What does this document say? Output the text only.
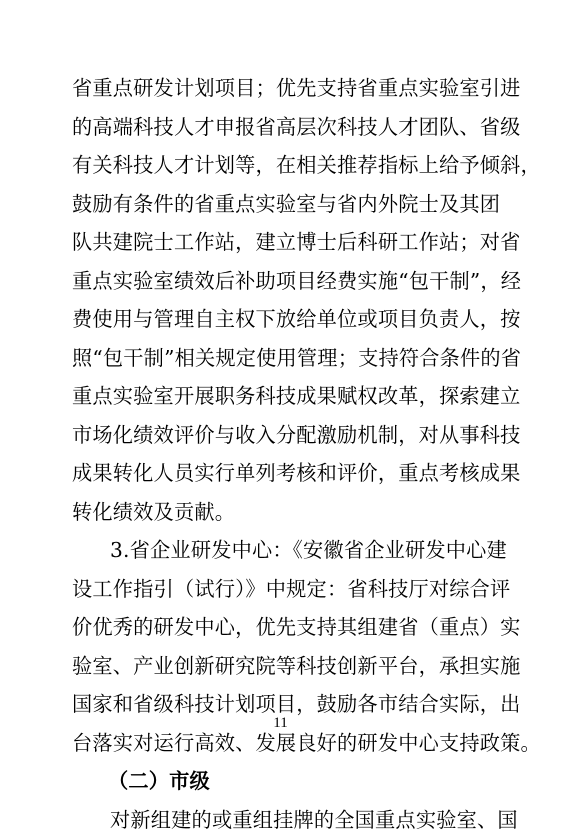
省重点研发计划项目；优先支持省重点实验室引进
的高端科技人才申报省高层次科技人才团队、省级
有关科技人才计划等，在相关推荐指标上给予倾斜，
鼓励有条件的省重点实验室与省内外院士及其团
队共建院士工作站，建立博士后科研工作站；对省
重点实验室绩效后补助项目经费实施“包干制”，经
费使用与管理自主权下放给单位或项目负责人，按
照“包干制”相关规定使用管理；支持符合条件的省
重点实验室开展职务科技成果赋权改革，探索建立
市场化绩效评价与收入分配激励机制，对从事科技
成果转化人员实行单列考核和评价，重点考核成果
转化绩效及贡献。
3.省企业研发中心：《安徽省企业研发中心建
设工作指引（试行）》中规定：省科技厅对综合评
价优秀的研发中心，优先支持其组建省（重点）实
验室、产业创新研究院等科技创新平台，承担实施
国家和省级科技计划项目，鼓励各市结合实际，出
台落实对运行高效、发展良好的研发中心支持政策。
（二）市级
对新组建的或重组挂牌的全国重点实验室、国
11
